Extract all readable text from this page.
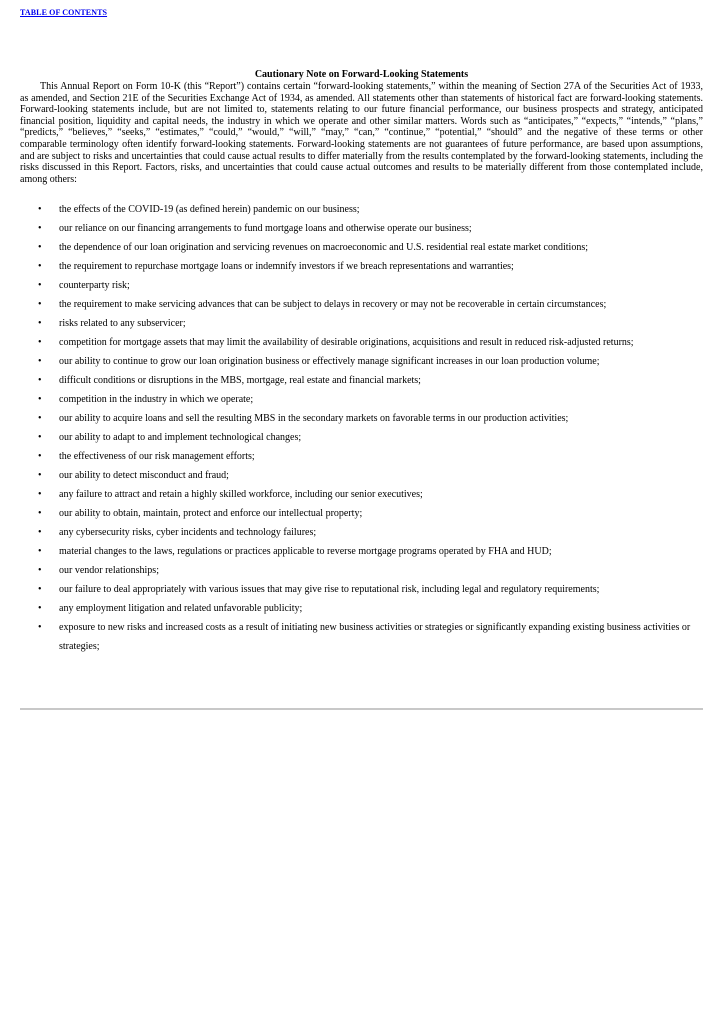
TABLE OF CONTENTS
Cautionary Note on Forward-Looking Statements

This Annual Report on Form 10-K (this “Report”) contains certain “forward-looking statements,” within the meaning of Section 27A of the Securities Act of 1933, as amended, and Section 21E of the Securities Exchange Act of 1934, as amended. All statements other than statements of historical fact are forward-looking statements. Forward-looking statements include, but are not limited to, statements relating to our future financial performance, our business prospects and strategy, anticipated financial position, liquidity and capital needs, the industry in which we operate and other similar matters. Words such as “anticipates,” “expects,” “intends,” “plans,” “predicts,” “believes,” “seeks,” “estimates,” “could,” “would,” “will,” “may,” “can,” “continue,” “potential,” “should” and the negative of these terms or other comparable terminology often identify forward-looking statements. Forward-looking statements are not guarantees of future performance, are based upon assumptions, and are subject to risks and uncertainties that could cause actual results to differ materially from the results contemplated by the forward-looking statements, including the risks discussed in this Report. Factors, risks, and uncertainties that could cause actual outcomes and results to be materially different from those contemplated include, among others:

• the effects of the COVID-19 (as defined herein) pandemic on our business;
• our reliance on our financing arrangements to fund mortgage loans and otherwise operate our business;
• the dependence of our loan origination and servicing revenues on macroeconomic and U.S. residential real estate market conditions;
• the requirement to repurchase mortgage loans or indemnify investors if we breach representations and warranties;
• counterparty risk;
• the requirement to make servicing advances that can be subject to delays in recovery or may not be recoverable in certain circumstances;
• risks related to any subservicer;
• competition for mortgage assets that may limit the availability of desirable originations, acquisitions and result in reduced risk-adjusted returns;
• our ability to continue to grow our loan origination business or effectively manage significant increases in our loan production volume;
• difficult conditions or disruptions in the MBS, mortgage, real estate and financial markets;
• competition in the industry in which we operate;
• our ability to acquire loans and sell the resulting MBS in the secondary markets on favorable terms in our production activities;
• our ability to adapt to and implement technological changes;
• the effectiveness of our risk management efforts;
• our ability to detect misconduct and fraud;
• any failure to attract and retain a highly skilled workforce, including our senior executives;
• our ability to obtain, maintain, protect and enforce our intellectual property;
• any cybersecurity risks, cyber incidents and technology failures;
• material changes to the laws, regulations or practices applicable to reverse mortgage programs operated by FHA and HUD;
• our vendor relationships;
• our failure to deal appropriately with various issues that may give rise to reputational risk, including legal and regulatory requirements;
• any employment litigation and related unfavorable publicity;
• exposure to new risks and increased costs as a result of initiating new business activities or strategies or significantly expanding existing business activities or strategies;
